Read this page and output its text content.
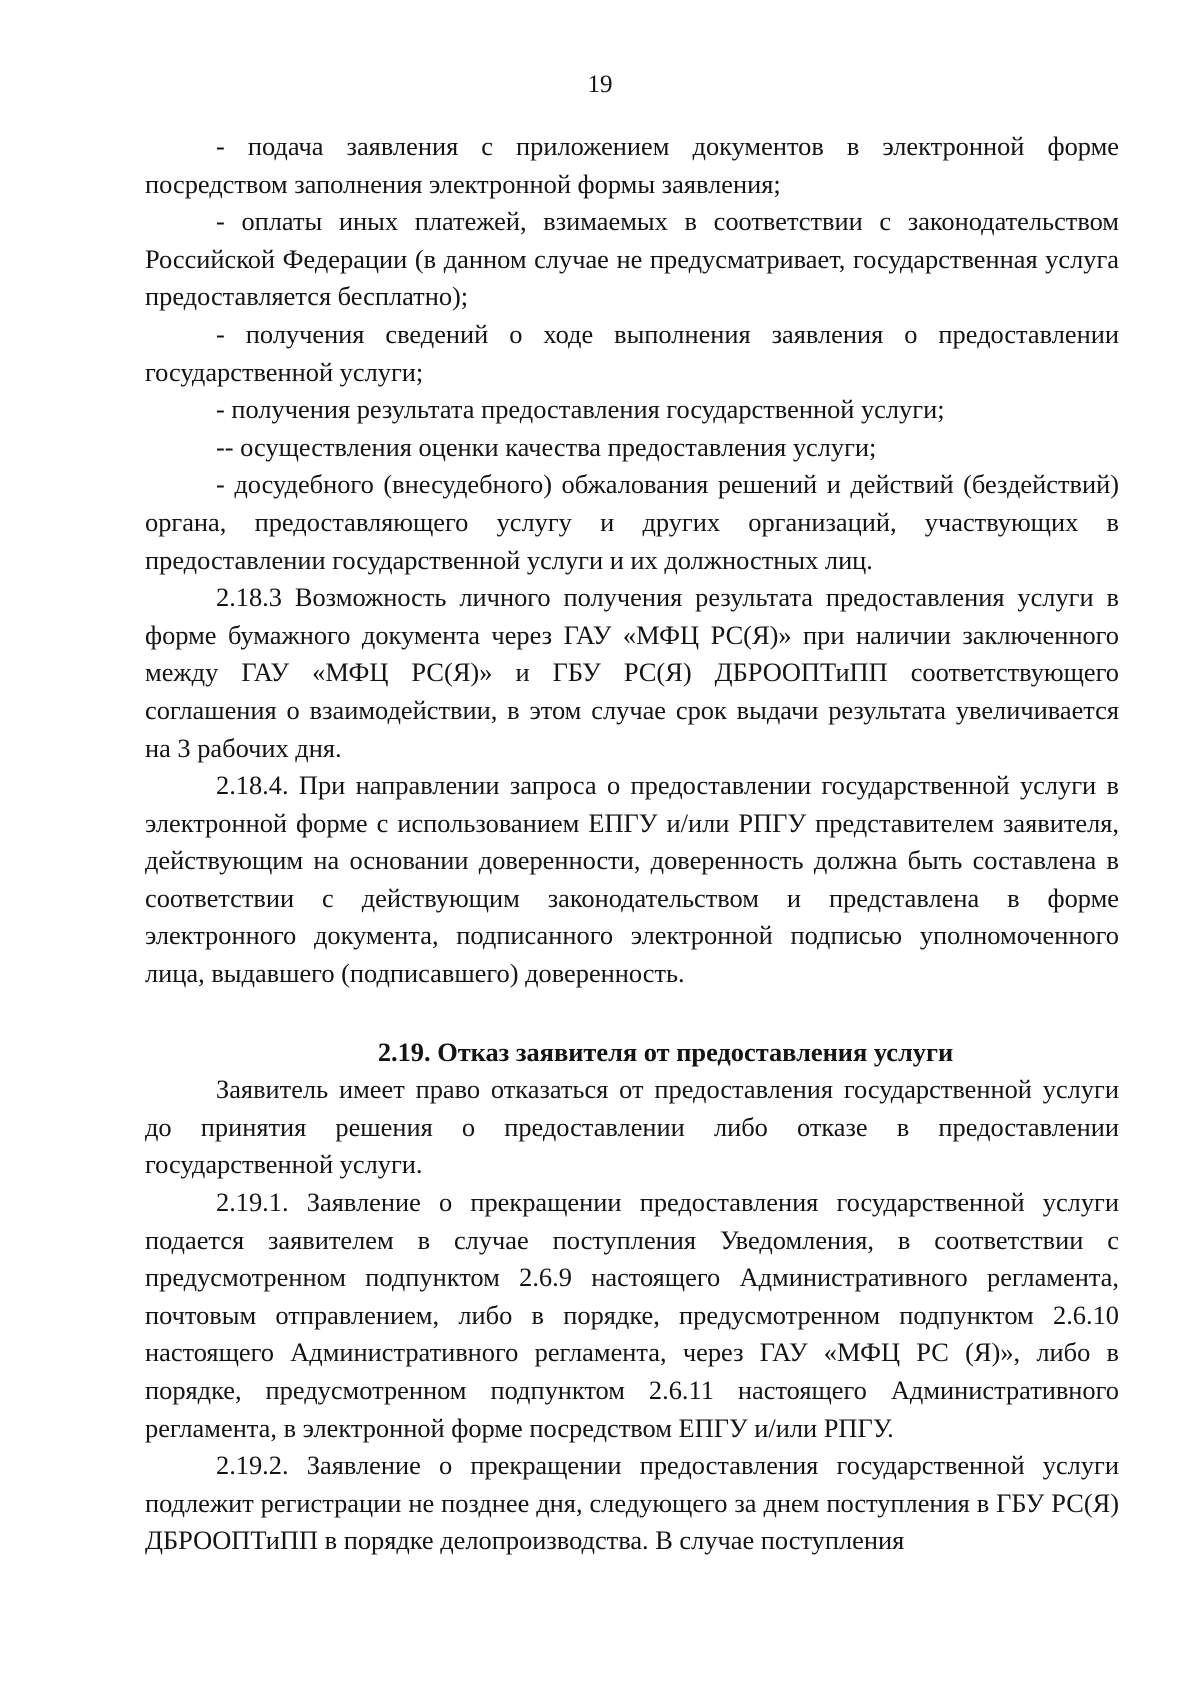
19

- подача заявления с приложением документов в электронной форме посредством заполнения электронной формы заявления;

- оплаты иных платежей, взимаемых в соответствии с законодательством Российской Федерации (в данном случае не предусматривает, государственная услуга предоставляется бесплатно);

- получения сведений о ходе выполнения заявления о предоставлении государственной услуги;

- получения результата предоставления государственной услуги;

-- осуществления оценки качества предоставления услуги;

- досудебного (внесудебного) обжалования решений и действий (бездействий) органа, предоставляющего услугу и других организаций, участвующих в предоставлении государственной услуги и их должностных лиц.

2.18.3 Возможность личного получения результата предоставления услуги в форме бумажного документа через ГАУ «МФЦ РС(Я)» при наличии заключенного между ГАУ «МФЦ РС(Я)» и ГБУ РС(Я) ДБРООПТиПП соответствующего соглашения о взаимодействии, в этом случае срок выдачи результата увеличивается на 3 рабочих дня.

2.18.4. При направлении запроса о предоставлении государственной услуги в электронной форме с использованием ЕПГУ и/или РПГУ представителем заявителя, действующим на основании доверенности, доверенность должна быть составлена в соответствии с действующим законодательством и представлена в форме электронного документа, подписанного электронной подписью уполномоченного лица, выдавшего (подписавшего) доверенность.

2.19. Отказ заявителя от предоставления услуги

Заявитель имеет право отказаться от предоставления государственной услуги до принятия решения о предоставлении либо отказе в предоставлении государственной услуги.

2.19.1. Заявление о прекращении предоставления государственной услуги подается заявителем в случае поступления Уведомления, в соответствии с предусмотренном подпунктом 2.6.9 настоящего Административного регламента, почтовым отправлением, либо в порядке, предусмотренном подпунктом 2.6.10 настоящего Административного регламента, через ГАУ «МФЦ РС (Я)», либо в порядке, предусмотренном подпунктом 2.6.11 настоящего Административного регламента, в электронной форме посредством ЕПГУ и/или РПГУ.

2.19.2. Заявление о прекращении предоставления государственной услуги подлежит регистрации не позднее дня, следующего за днем поступления в ГБУ РС(Я) ДБРООПТиПП в порядке делопроизводства. В случае поступления
